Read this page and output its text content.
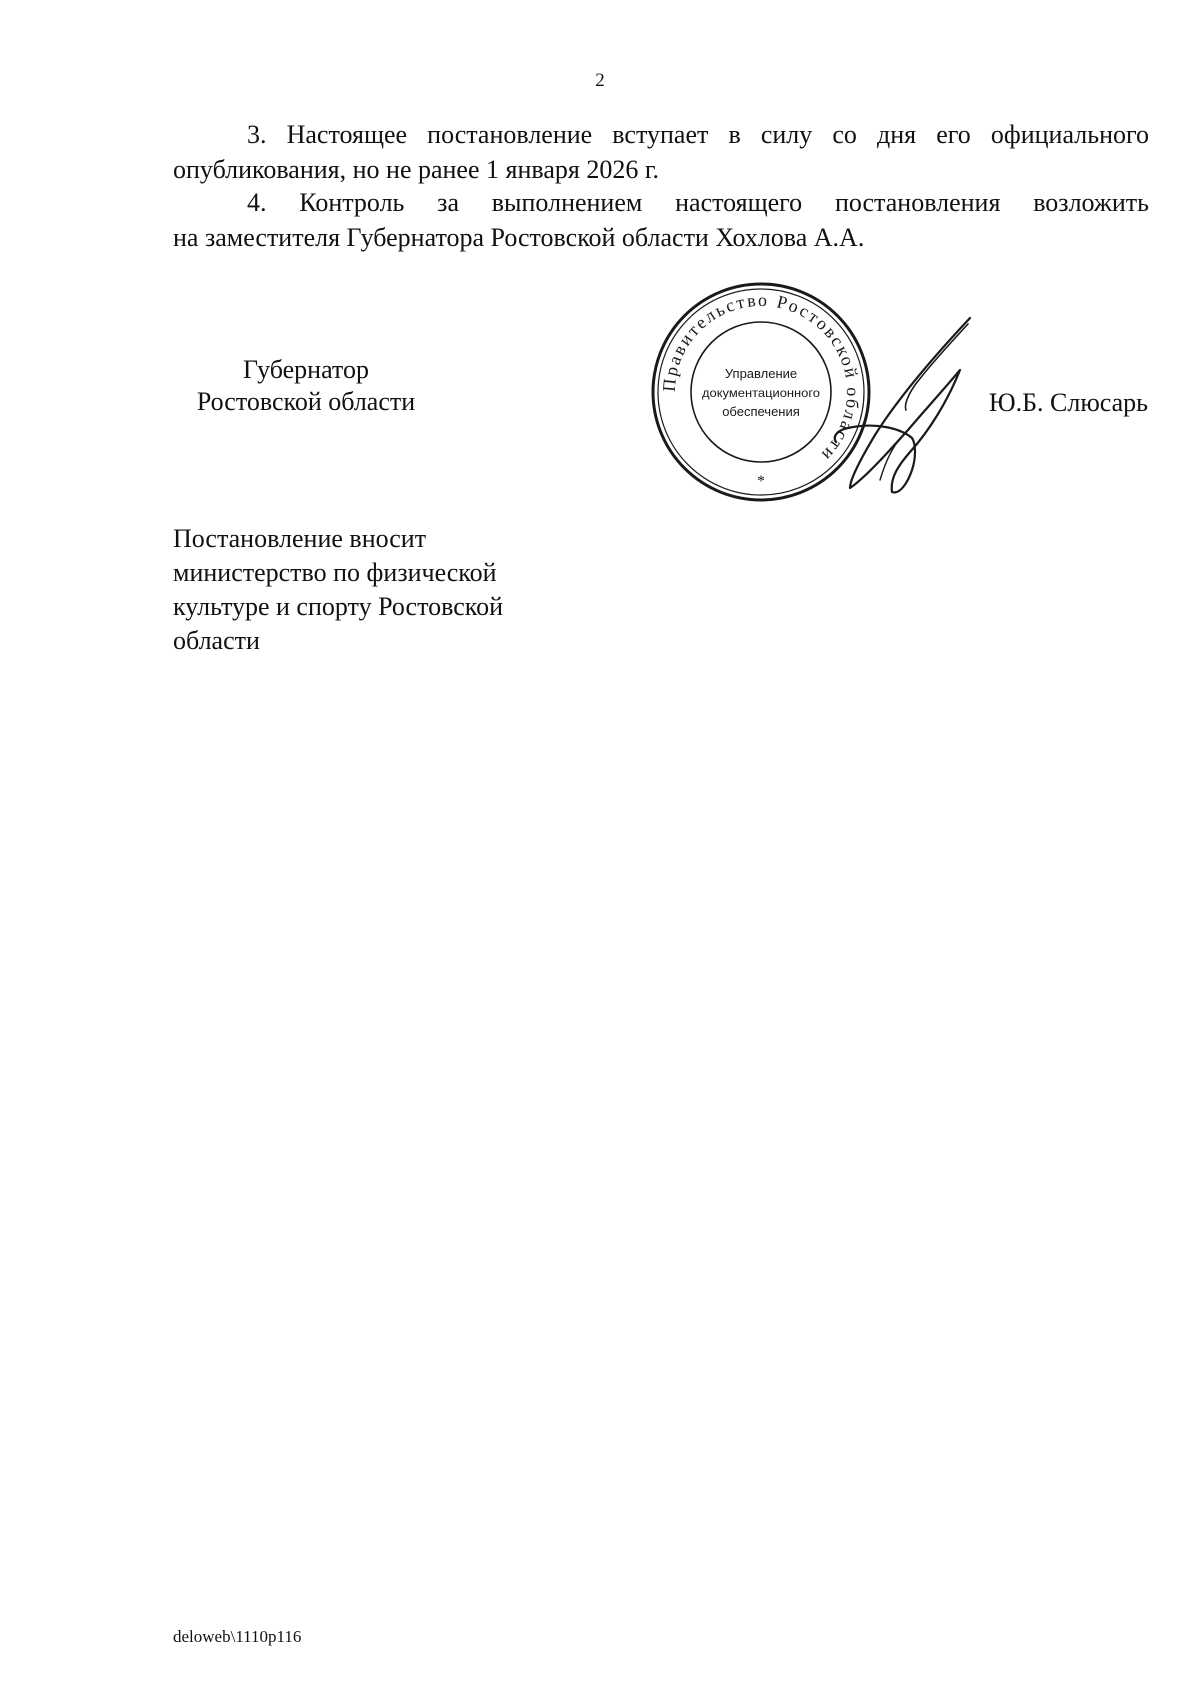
2
3. Настоящее постановление вступает в силу со дня его официального
опубликования, но не ранее 1 января 2026 г.
4. Контроль за выполнением настоящего постановления возложить
на заместителя Губернатора Ростовской области Хохлова А.А.
Губернатор
Ростовской области
Правительство Ростовской области
Управление
документационного
обеспечения
*
Ю.Б. Слюсарь
Постановление вносит
министерство по физической
культуре и спорту Ростовской
области
deloweb\1110p116
